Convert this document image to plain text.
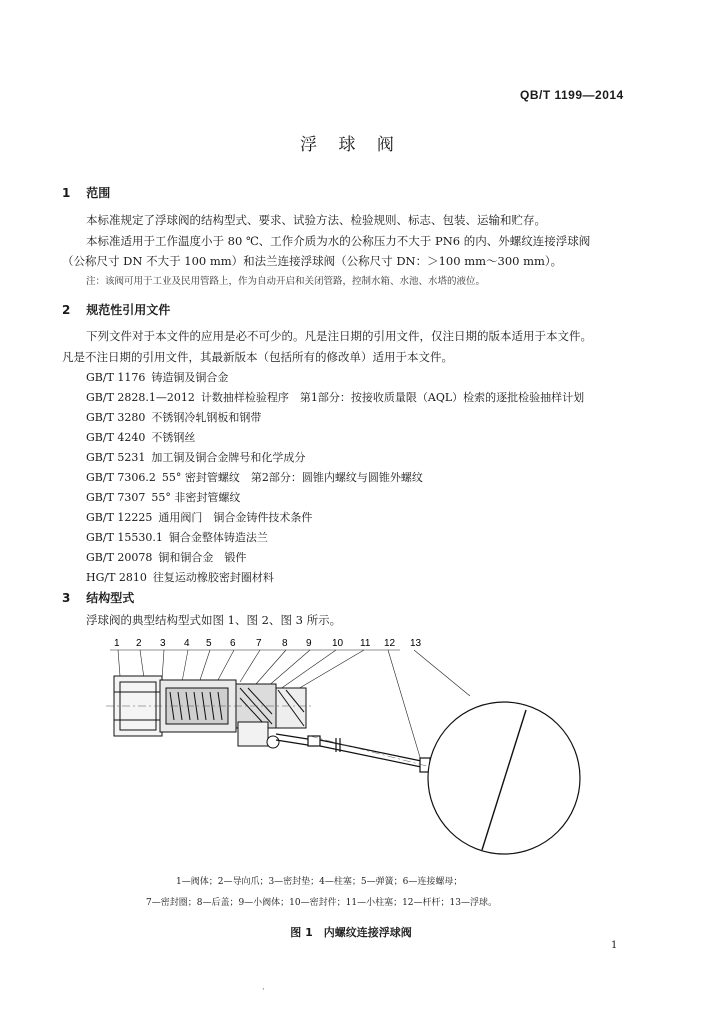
QB/T 1199—2014
浮 球 阀
1 范围
本标准规定了浮球阀的结构型式、要求、试验方法、检验规则、标志、包装、运输和贮存。
本标准适用于工作温度小于 80 ℃、工作介质为水的公称压力不大于 PN6 的内、外螺纹连接浮球阀
（公称尺寸 DN 不大于 100 mm）和法兰连接浮球阀（公称尺寸 DN：＞100 mm～300 mm）。
注：该阀可用于工业及民用管路上，作为自动开启和关闭管路，控制水箱、水池、水塔的液位。
2 规范性引用文件
下列文件对于本文件的应用是必不可少的。凡是注日期的引用文件，仅注日期的版本适用于本文件。
凡是不注日期的引用文件，其最新版本（包括所有的修改单）适用于本文件。
GB/T 1176 铸造铜及铜合金
GB/T 2828.1—2012 计数抽样检验程序　第1部分：按接收质量限（AQL）检索的逐批检验抽样计划
GB/T 3280 不锈钢冷轧钢板和钢带
GB/T 4240 不锈钢丝
GB/T 5231 加工铜及铜合金牌号和化学成分
GB/T 7306.2 55° 密封管螺纹　第2部分：圆锥内螺纹与圆锥外螺纹
GB/T 7307 55° 非密封管螺纹
GB/T 12225 通用阀门　铜合金铸件技术条件
GB/T 15530.1 铜合金整体铸造法兰
GB/T 20078 铜和铜合金　锻件
HG/T 2810 往复运动橡胶密封圈材料
3 结构型式
浮球阀的典型结构型式如图 1、图 2、图 3 所示。
1 2 3 4 5 6 7 8 9 10 11 12 13
1—阀体；2—导向爪；3—密封垫；4—柱塞；5—弹簧；6—连接螺母；
7—密封圈；8—后盖；9—小阀体；10—密封件；11—小柱塞；12—杆杆；13—浮球。
图 1　内螺纹连接浮球阀
1
·
